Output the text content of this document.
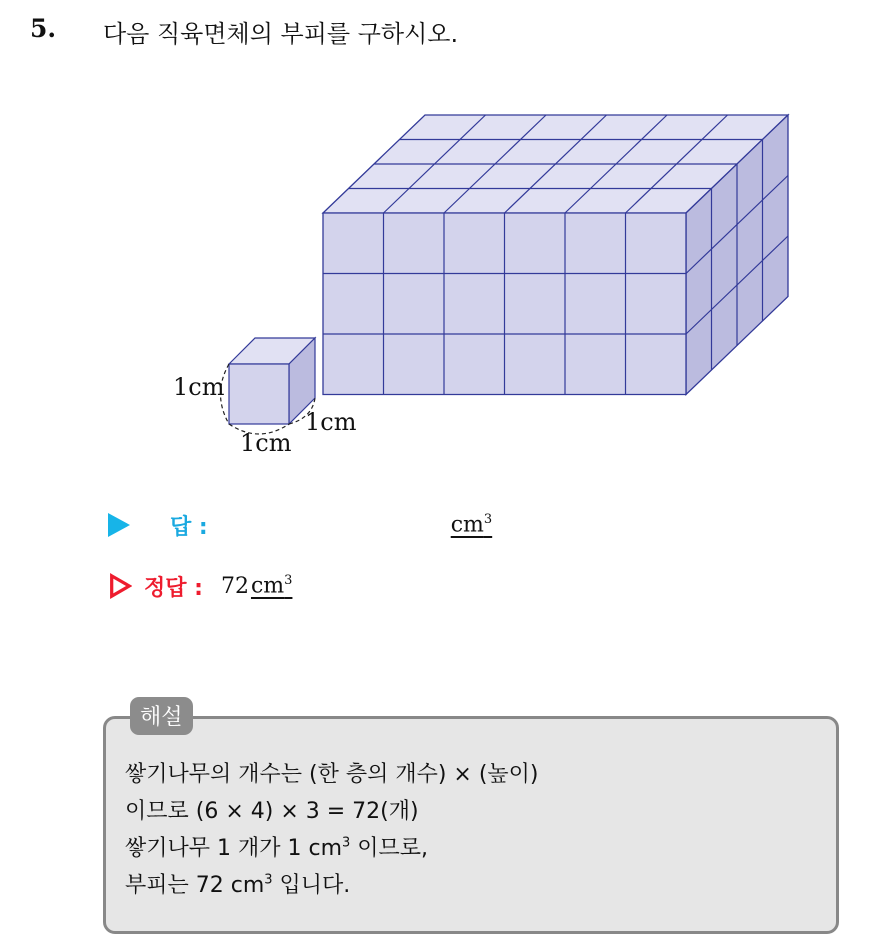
5. 다음 직육면체의 부피를 구하시오.
1cm
1cm
1cm
답 :	$cm^3$
정답 : 72 $cm^3$
해설
쌓기나무의 개수는 (한 층의 개수) × (높이)
이므로 (6 × 4) × 3 = 72(개)
쌓기나무 1 개가 1 $cm^3$ 이므로,
부피는 72 $cm^3$ 입니다.
